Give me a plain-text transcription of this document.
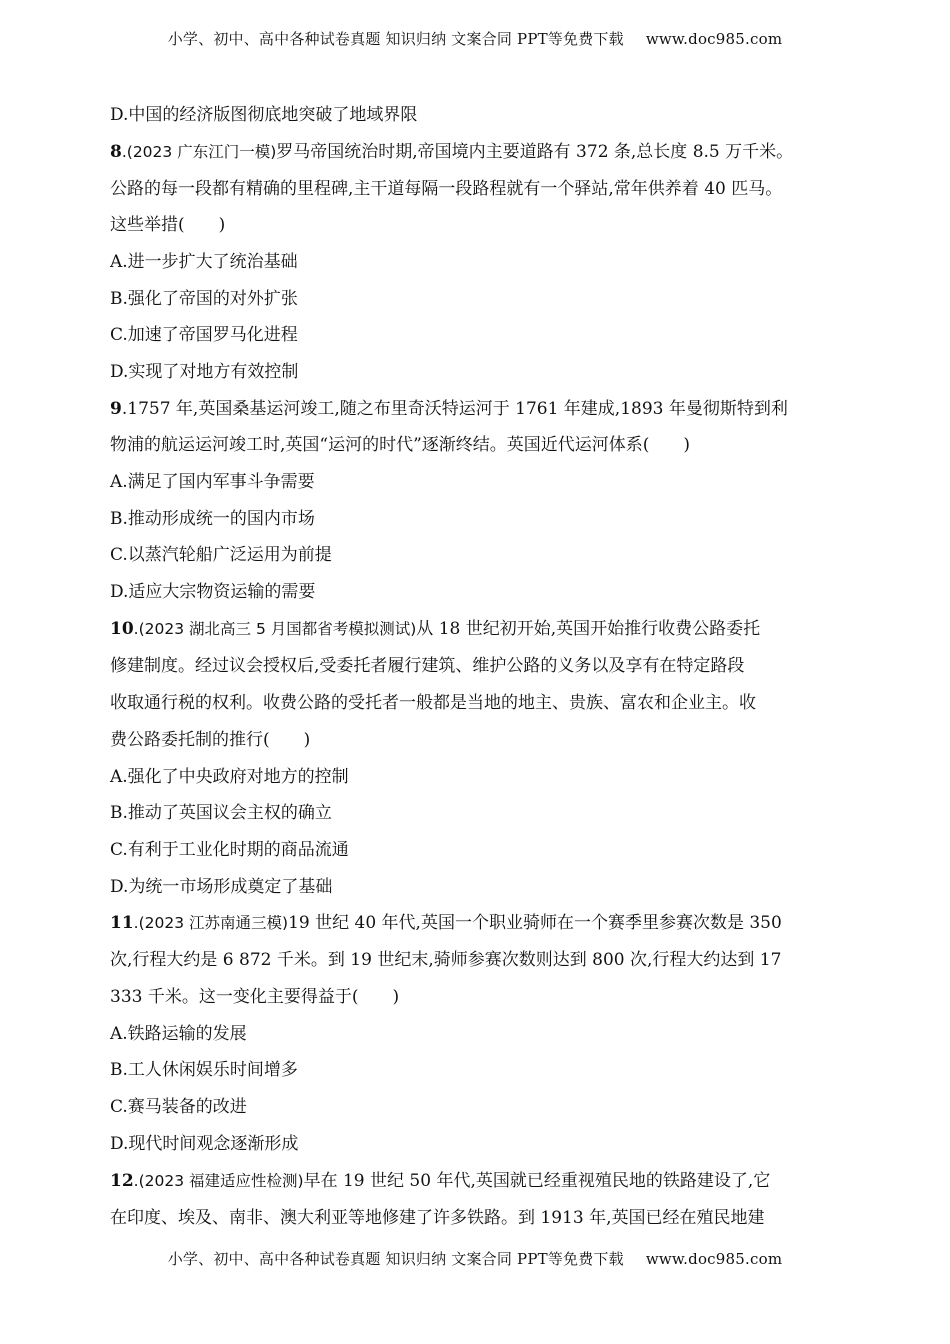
小学、初中、高中各种试卷真题 知识归纳 文案合同 PPT等免费下载 www.doc985.com
D.中国的经济版图彻底地突破了地域界限
8.(2023 广东江门一模)罗马帝国统治时期,帝国境内主要道路有 372 条,总长度 8.5 万千米。
公路的每一段都有精确的里程碑,主干道每隔一段路程就有一个驿站,常年供养着 40 匹马。
这些举措(　　)
A.进一步扩大了统治基础
B.强化了帝国的对外扩张
C.加速了帝国罗马化进程
D.实现了对地方有效控制
9.1757 年,英国桑基运河竣工,随之布里奇沃特运河于 1761 年建成,1893 年曼彻斯特到利
物浦的航运运河竣工时,英国“运河的时代”逐渐终结。英国近代运河体系(　　)
A.满足了国内军事斗争需要
B.推动形成统一的国内市场
C.以蒸汽轮船广泛运用为前提
D.适应大宗物资运输的需要
10.(2023 湖北高三 5 月国都省考模拟测试)从 18 世纪初开始,英国开始推行收费公路委托
修建制度。经过议会授权后,受委托者履行建筑、维护公路的义务以及享有在特定路段
收取通行税的权利。收费公路的受托者一般都是当地的地主、贵族、富农和企业主。收
费公路委托制的推行(　　)
A.强化了中央政府对地方的控制
B.推动了英国议会主权的确立
C.有利于工业化时期的商品流通
D.为统一市场形成奠定了基础
11.(2023 江苏南通三模)19 世纪 40 年代,英国一个职业骑师在一个赛季里参赛次数是 350
次,行程大约是 6 872 千米。到 19 世纪末,骑师参赛次数则达到 800 次,行程大约达到 17
333 千米。这一变化主要得益于(　　)
A.铁路运输的发展
B.工人休闲娱乐时间增多
C.赛马装备的改进
D.现代时间观念逐渐形成
12.(2023 福建适应性检测)早在 19 世纪 50 年代,英国就已经重视殖民地的铁路建设了,它
在印度、埃及、南非、澳大利亚等地修建了许多铁路。到 1913 年,英国已经在殖民地建
小学、初中、高中各种试卷真题 知识归纳 文案合同 PPT等免费下载 www.doc985.com
